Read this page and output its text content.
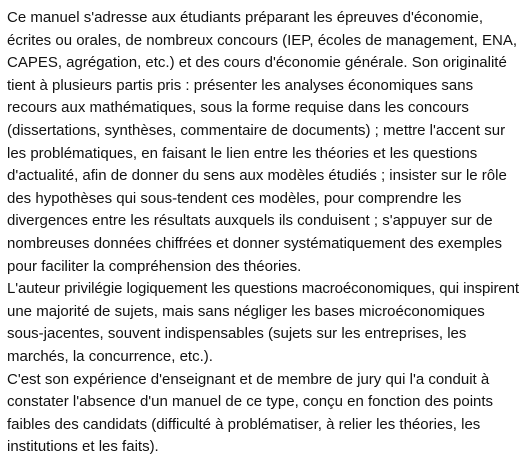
Ce manuel s'adresse aux étudiants préparant les épreuves d'économie,
écrites ou orales, de nombreux concours (IEP, écoles de management, ENA,
CAPES, agrégation, etc.) et des cours d'économie générale. Son originalité
tient à plusieurs partis pris : présenter les analyses économiques sans
recours aux mathématiques, sous la forme requise dans les concours
(dissertations, synthèses, commentaire de documents) ; mettre l'accent sur
les problématiques, en faisant le lien entre les théories et les questions
d'actualité, afin de donner du sens aux modèles étudiés ; insister sur le rôle
des hypothèses qui sous-tendent ces modèles, pour comprendre les
divergences entre les résultats auxquels ils conduisent ; s'appuyer sur de
nombreuses données chiffrées et donner systématiquement des exemples
pour faciliter la compréhension des théories.
L'auteur privilégie logiquement les questions macroéconomiques, qui inspirent
une majorité de sujets, mais sans négliger les bases microéconomiques
sous-jacentes, souvent indispensables (sujets sur les entreprises, les
marchés, la concurrence, etc.).
C'est son expérience d'enseignant et de membre de jury qui l'a conduit à
constater l'absence d'un manuel de ce type, conçu en fonction des points
faibles des candidats (difficulté à problématiser, à relier les théories, les
institutions et les faits).
